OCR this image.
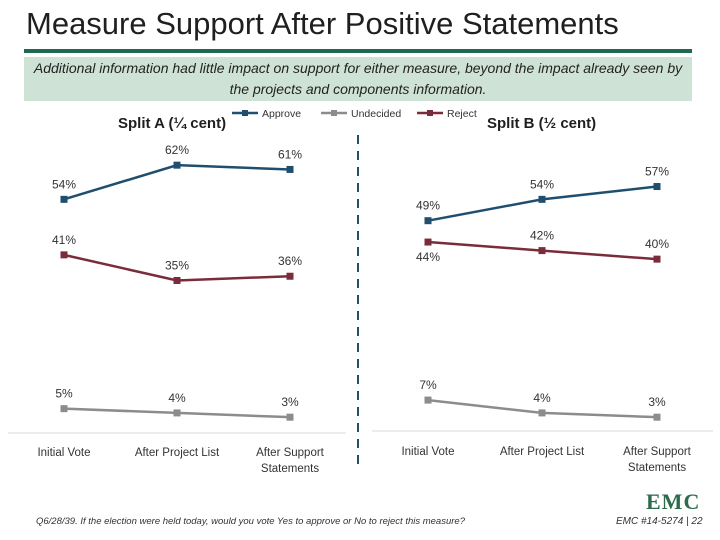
Measure Support After Positive Statements
Additional information had little impact on support for either measure, beyond the impact already seen by the projects and components information.
Split A (¼ cent)
Initial Vote	After Project List	After Support
Statements
54%
62%	61%
5%	4%	3%
41%
35%	36%
Split B (½ cent)
Initial Vote	After Project List	After Support
Statements
49%
54%
57%
7%
4%	3%
44%
42%
40%
Approve	Undecided	Reject
Q6/28/39. If the election were held today, would you vote Yes to approve or No to reject this measure?
EMC
EMC #14-5274 | 22
